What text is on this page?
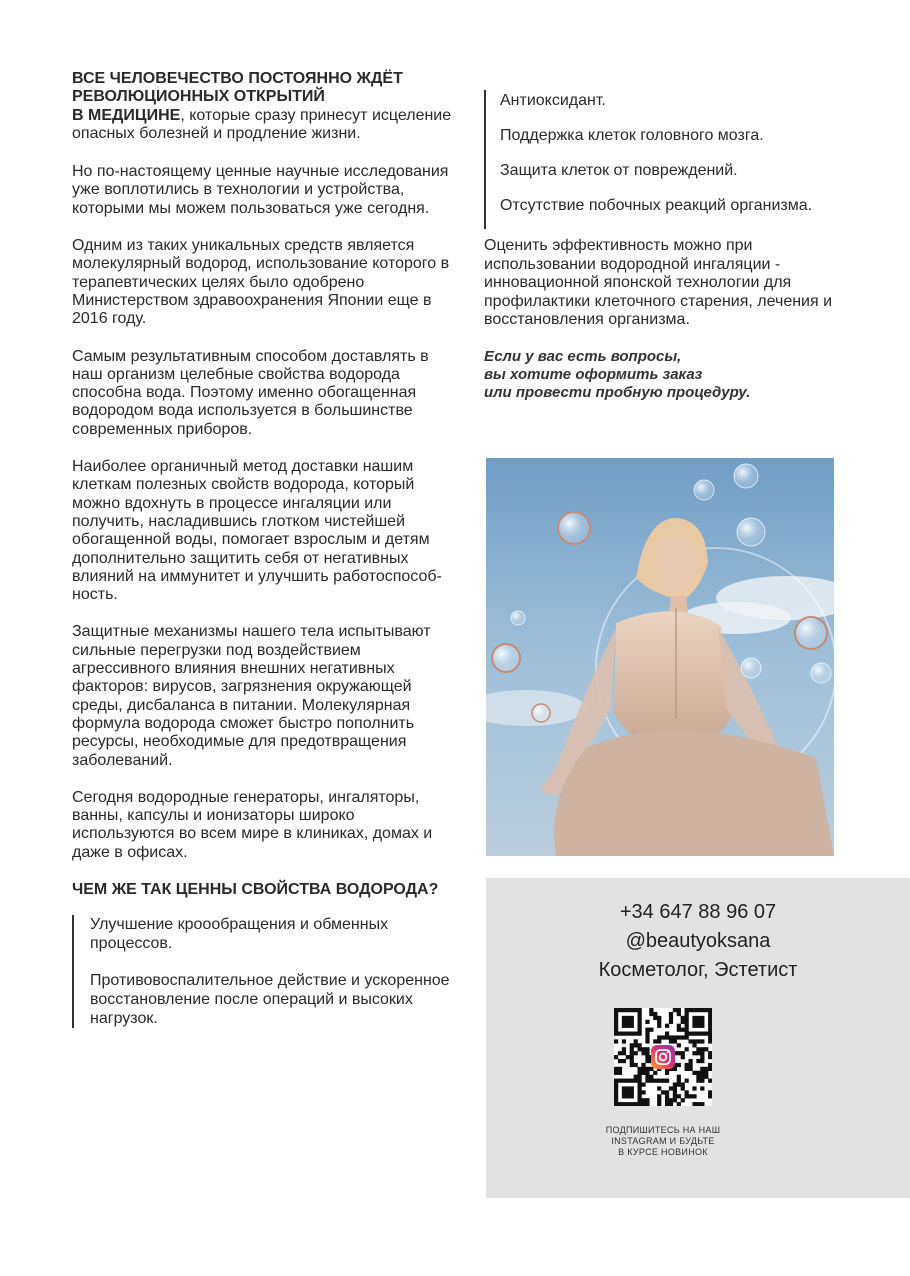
ВСЕ ЧЕЛОВЕЧЕСТВО ПОСТОЯННО ЖДЁТ
РЕВОЛЮЦИОННЫХ ОТКРЫТИЙ
В МЕДИЦИНЕ, которые сразу принесут исцеление опасных болезней и продление жизни.

Но по-настоящему ценные научные исследования уже воплотились в технологии и устройства, которыми мы можем пользоваться уже сегодня.

Одним из таких уникальных средств является молекулярный водород, использование которого в терапевтических целях было одобрено Министерством здравоохранения Японии еще в 2016 году.

Самым результативным способом доставлять в наш организм целебные свойства водорода способна вода. Поэтому именно обогащенная водородом вода используется в большинстве современных приборов.

Наиболее органичный метод доставки нашим клеткам полезных свойств водорода, который можно вдохнуть в процессе ингаляции или получить, насладившись глотком чистейшей обогащенной воды, помогает взрослым и детям дополнительно защитить себя от негативных влияний на иммунитет и улучшить работоспособ-ность.

Защитные механизмы нашего тела испытывают сильные перегрузки под воздействием агрессивного влияния внешних негативных факторов: вирусов, загрязнения окружающей среды, дисбаланса в питании. Молекулярная формула водорода сможет быстро пополнить ресурсы, необходимые для предотвращения заболеваний.

Сегодня водородные генераторы, ингаляторы, ванны, капсулы и ионизаторы широко используются во всем мире в клиниках, домах и даже в офисах.

ЧЕМ ЖЕ ТАК ЦЕННЫ СВОЙСТВА ВОДОРОДА?
Улучшение кроообращения и обменных процессов.
Противовоспалительное действие и ускоренное восстановление после операций и высоких нагрузок.
Антиоксидант.
Поддержка клеток головного мозга.
Защита клеток от повреждений.
Отсутствие побочных реакций организма.
Оценить эффективность можно при использовании водородной ингаляции - инновационной японской технологии для профилактики клеточного старения, лечения и восстановления организма.
Если у вас есть вопросы,
вы хотите оформить заказ
или провести пробную процедуру.
+34 647 88 96 07
@beautyoksana
Косметолог, Эстетист
ПОДПИШИТЕСЬ НА НАШ
INSTAGRAM И БУДЬТЕ
В КУРСЕ НОВИНОК
